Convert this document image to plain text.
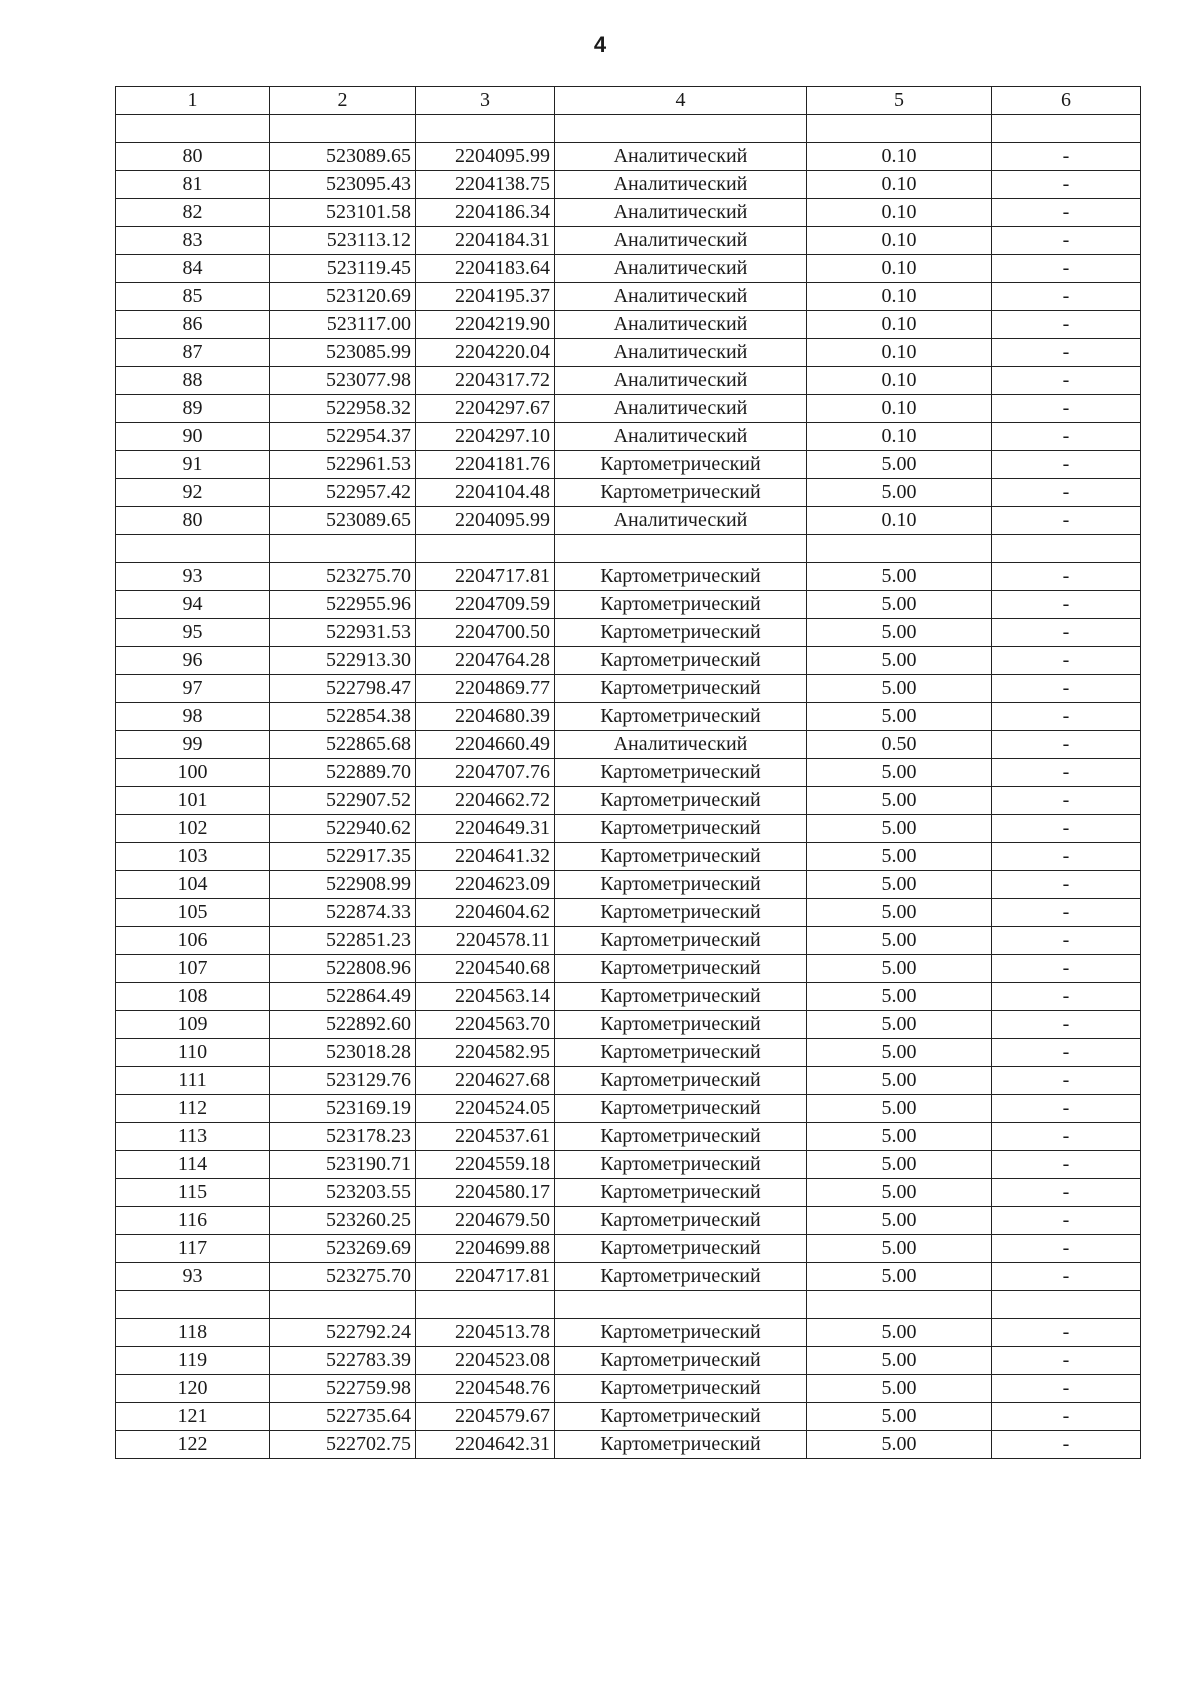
4
1	2	3	4	5	6

80	523089.65	2204095.99	Аналитический	0.10	-
81	523095.43	2204138.75	Аналитический	0.10	-
82	523101.58	2204186.34	Аналитический	0.10	-
83	523113.12	2204184.31	Аналитический	0.10	-
84	523119.45	2204183.64	Аналитический	0.10	-
85	523120.69	2204195.37	Аналитический	0.10	-
86	523117.00	2204219.90	Аналитический	0.10	-
87	523085.99	2204220.04	Аналитический	0.10	-
88	523077.98	2204317.72	Аналитический	0.10	-
89	522958.32	2204297.67	Аналитический	0.10	-
90	522954.37	2204297.10	Аналитический	0.10	-
91	522961.53	2204181.76	Картометрический	5.00	-
92	522957.42	2204104.48	Картометрический	5.00	-
80	523089.65	2204095.99	Аналитический	0.10	-

93	523275.70	2204717.81	Картометрический	5.00	-
94	522955.96	2204709.59	Картометрический	5.00	-
95	522931.53	2204700.50	Картометрический	5.00	-
96	522913.30	2204764.28	Картометрический	5.00	-
97	522798.47	2204869.77	Картометрический	5.00	-
98	522854.38	2204680.39	Картометрический	5.00	-
99	522865.68	2204660.49	Аналитический	0.50	-
100	522889.70	2204707.76	Картометрический	5.00	-
101	522907.52	2204662.72	Картометрический	5.00	-
102	522940.62	2204649.31	Картометрический	5.00	-
103	522917.35	2204641.32	Картометрический	5.00	-
104	522908.99	2204623.09	Картометрический	5.00	-
105	522874.33	2204604.62	Картометрический	5.00	-
106	522851.23	2204578.11	Картометрический	5.00	-
107	522808.96	2204540.68	Картометрический	5.00	-
108	522864.49	2204563.14	Картометрический	5.00	-
109	522892.60	2204563.70	Картометрический	5.00	-
110	523018.28	2204582.95	Картометрический	5.00	-
111	523129.76	2204627.68	Картометрический	5.00	-
112	523169.19	2204524.05	Картометрический	5.00	-
113	523178.23	2204537.61	Картометрический	5.00	-
114	523190.71	2204559.18	Картометрический	5.00	-
115	523203.55	2204580.17	Картометрический	5.00	-
116	523260.25	2204679.50	Картометрический	5.00	-
117	523269.69	2204699.88	Картометрический	5.00	-
93	523275.70	2204717.81	Картометрический	5.00	-

118	522792.24	2204513.78	Картометрический	5.00	-
119	522783.39	2204523.08	Картометрический	5.00	-
120	522759.98	2204548.76	Картометрический	5.00	-
121	522735.64	2204579.67	Картометрический	5.00	-
122	522702.75	2204642.31	Картометрический	5.00	-
